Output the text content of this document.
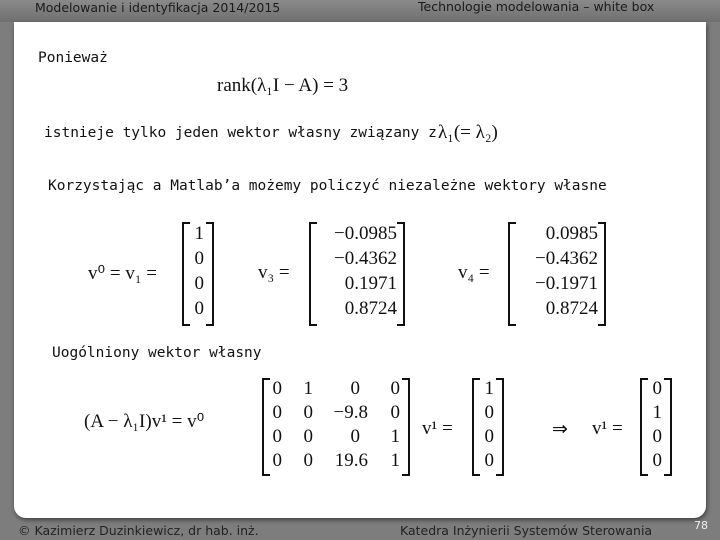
Modelowanie i identyfikacja 2014/2015	Technologie modelowania – white box
Ponieważ
rank(λ₁I − A) = 3
istnieje tylko jeden wektor własny związany z λ₁(= λ₂)
Korzystając a Matlab’a możemy policzyć niezależne wektory własne
v⁰ = v₁ =
1
0
0
0
v₃ =
−0.0985
−0.4362
0.1971
0.8724
v₄ =
0.0985
−0.4362
−0.1971
0.8724
Uogólniony wektor własny
(A − λ₁I)v¹ = v⁰
0 1 0 0
0 0 −9.8 0
0 0 0 1
0 0 19.6 1
v¹ =
1
0
0
0
⇒ v¹ =
0
1
0
0
© Kazimierz Duzinkiewicz, dr hab. inż.	Katedra Inżynierii Systemów Sterowania	78
